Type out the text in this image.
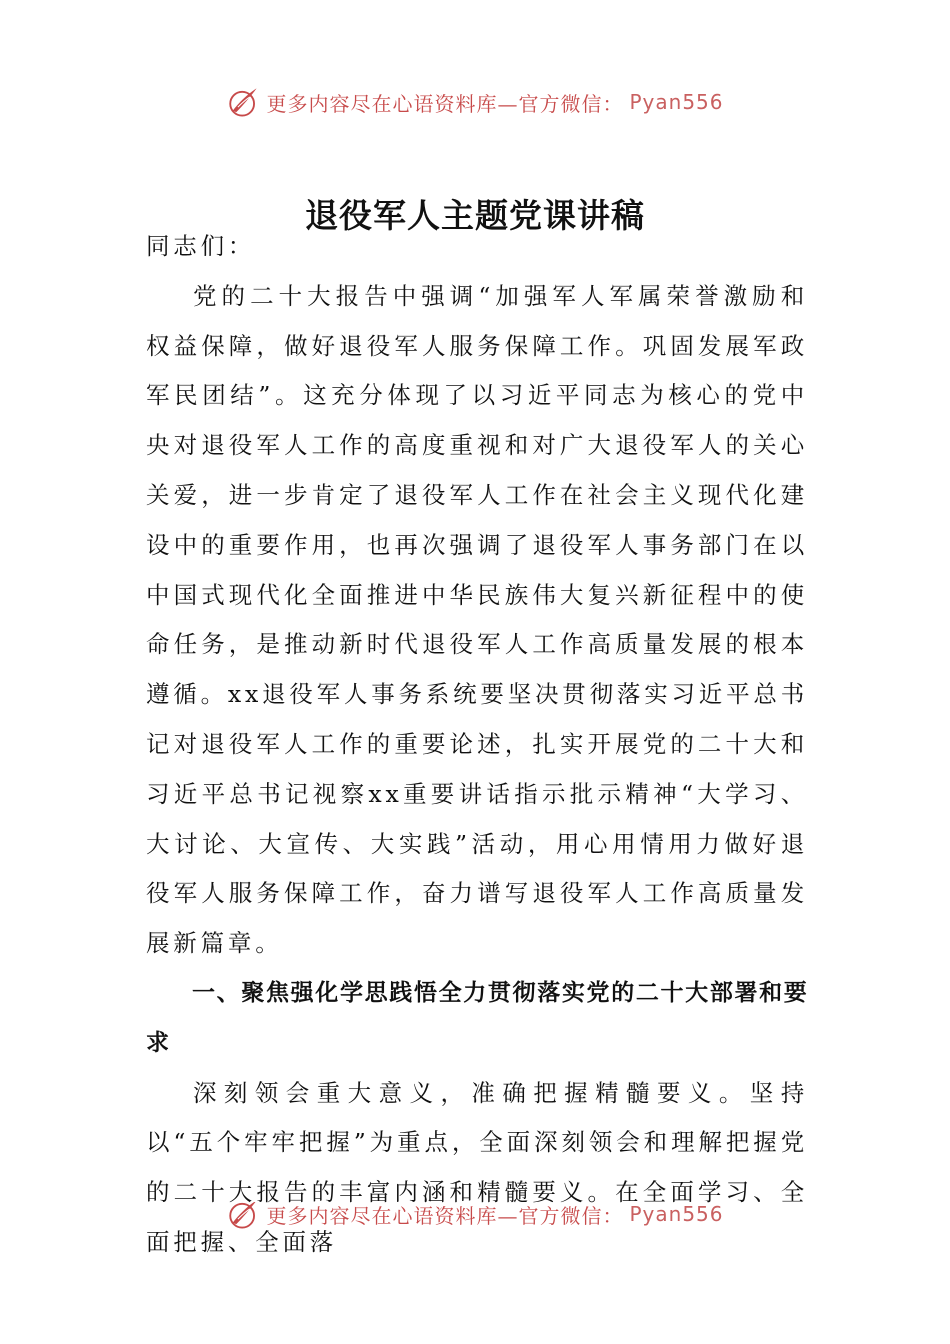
更多内容尽在心语资料库—官方微信： Pyan556
退役军人主题党课讲稿

同志们：

党的二十大报告中强调“加强军人军属荣誉激励和权益保障，做好退役军人服务保障工作。巩固发展军政军民团结”。这充分体现了以习近平同志为核心的党中央对退役军人工作的高度重视和对广大退役军人的关心关爱，进一步肯定了退役军人工作在社会主义现代化建设中的重要作用，也再次强调了退役军人事务部门在以中国式现代化全面推进中华民族伟大复兴新征程中的使命任务，是推动新时代退役军人工作高质量发展的根本遵循。xx退役军人事务系统要坚决贯彻落实习近平总书记对退役军人工作的重要论述，扎实开展党的二十大和习近平总书记视察xx重要讲话指示批示精神“大学习、大讨论、大宣传、大实践”活动，用心用情用力做好退役军人服务保障工作，奋力谱写退役军人工作高质量发展新篇章。

一、聚焦强化学思践悟全力贯彻落实党的二十大部署和要求

深刻领会重大意义，准确把握精髓要义。坚持以“五个牢牢把握”为重点，全面深刻领会和理解把握党的二十大报告的丰富内涵和精髓要义。在全面学习、全面把握、全面落

更多内容尽在心语资料库—官方微信： Pyan556
